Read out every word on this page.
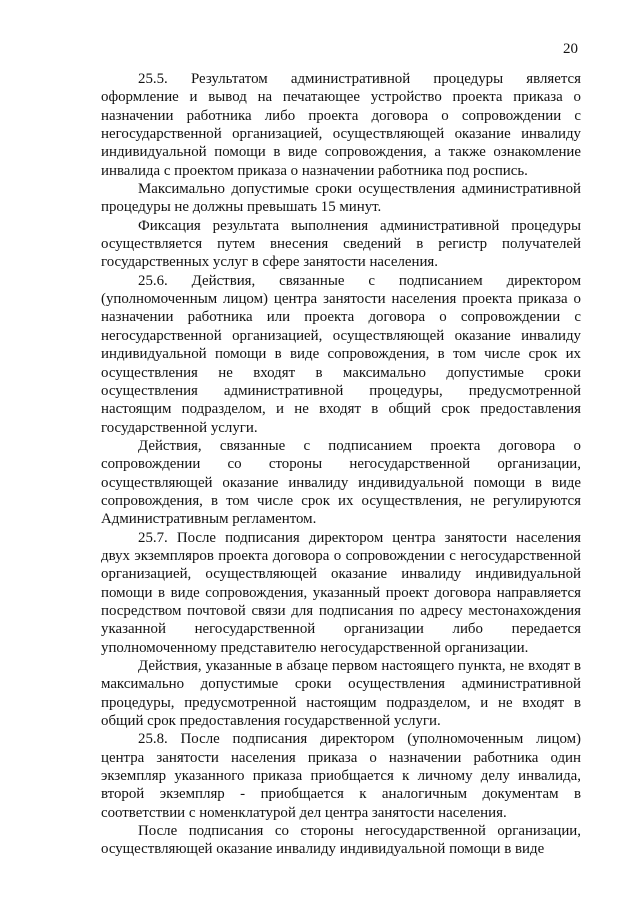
20

25.5. Результатом административной процедуры является оформление и вывод на печатающее устройство проекта приказа о назначении работника либо проекта договора о сопровождении с негосударственной организацией, осуществляющей оказание инвалиду индивидуальной помощи в виде сопровождения, а также ознакомление инвалида с проектом приказа о назначении работника под роспись.

Максимально допустимые сроки осуществления административной процедуры не должны превышать 15 минут.

Фиксация результата выполнения административной процедуры осуществляется путем внесения сведений в регистр получателей государственных услуг в сфере занятости населения.

25.6. Действия, связанные с подписанием директором (уполномоченным лицом) центра занятости населения проекта приказа о назначении работника или проекта договора о сопровождении с негосударственной организацией, осуществляющей оказание инвалиду индивидуальной помощи в виде сопровождения, в том числе срок их осуществления не входят в максимально допустимые сроки осуществления административной процедуры, предусмотренной настоящим подразделом, и не входят в общий срок предоставления государственной услуги.

Действия, связанные с подписанием проекта договора о сопровождении со стороны негосударственной организации, осуществляющей оказание инвалиду индивидуальной помощи в виде сопровождения, в том числе срок их осуществления, не регулируются Административным регламентом.

25.7. После подписания директором центра занятости населения двух экземпляров проекта договора о сопровождении с негосударственной организацией, осуществляющей оказание инвалиду индивидуальной помощи в виде сопровождения, указанный проект договора направляется посредством почтовой связи для подписания по адресу местонахождения указанной негосударственной организации либо передается уполномоченному представителю негосударственной организации.

Действия, указанные в абзаце первом настоящего пункта, не входят в максимально допустимые сроки осуществления административной процедуры, предусмотренной настоящим подразделом, и не входят в общий срок предоставления государственной услуги.

25.8. После подписания директором (уполномоченным лицом) центра занятости населения приказа о назначении работника один экземпляр указанного приказа приобщается к личному делу инвалида, второй экземпляр - приобщается к аналогичным документам в соответствии с номенклатурой дел центра занятости населения.

После подписания со стороны негосударственной организации, осуществляющей оказание инвалиду индивидуальной помощи в виде
